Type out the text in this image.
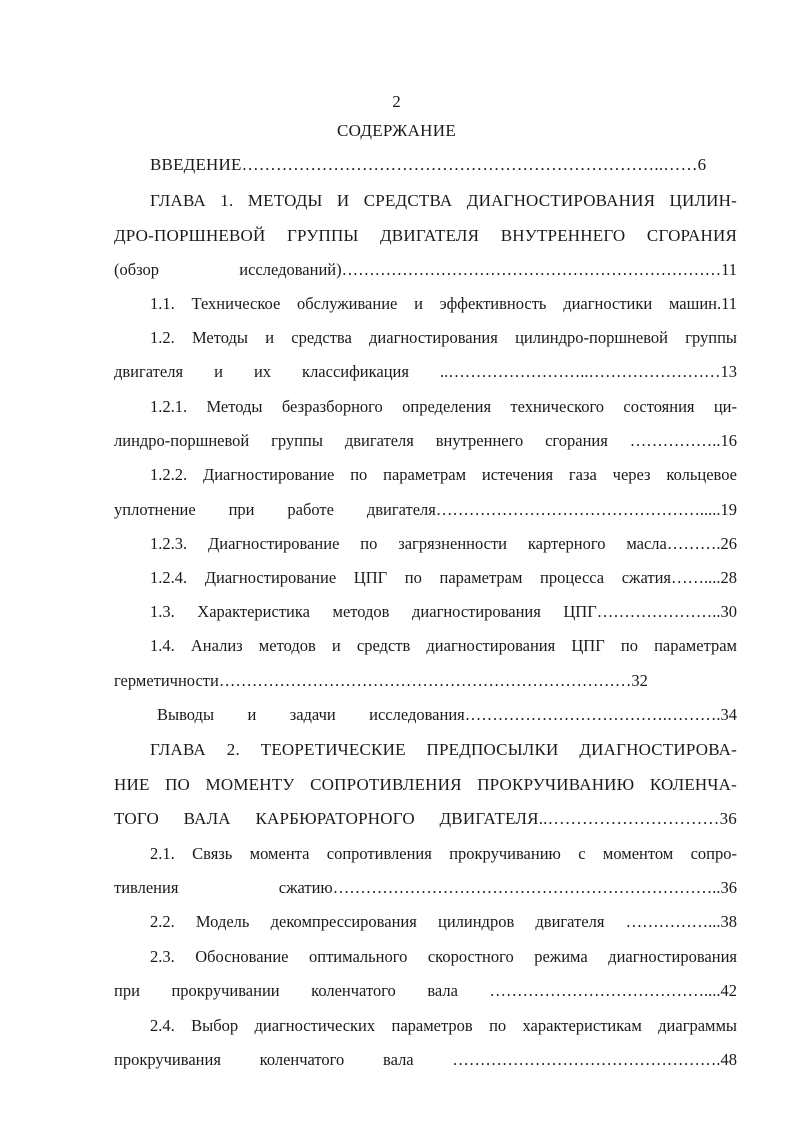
2
СОДЕРЖАНИЕ
ВВЕДЕНИЕ………………………………………………………………..……6
ГЛАВА 1. МЕТОДЫ И СРЕДСТВА ДИАГНОСТИРОВАНИЯ ЦИЛИН-
ДРО-ПОРШНЕВОЙ ГРУППЫ ДВИГАТЕЛЯ ВНУТРЕННЕГО СГОРАНИЯ
(обзор исследований)……………………………………………………………11
1.1. Техническое обслуживание и эффективность диагностики машин.11
1.2. Методы и средства диагностирования цилиндро-поршневой группы
двигателя и их классификация ..……………………..……………………13
1.2.1. Методы безразборного определения технического состояния ци-
линдро-поршневой группы двигателя внутреннего сгорания ……………..16
1.2.2. Диагностирование по параметрам истечения газа через кольцевое
уплотнение при работе двигателя………………………………………….....19
1.2.3. Диагностирование по загрязненности картерного масла……….26
1.2.4. Диагностирование ЦПГ по параметрам процесса сжатия……....28
1.3. Характеристика методов диагностирования ЦПГ…………………..30
1.4. Анализ методов и средств диагностирования ЦПГ по параметрам
герметичности…………………………………………………………………32
Выводы и задачи исследования……………………………….……….34
ГЛАВА 2. ТЕОРЕТИЧЕСКИЕ ПРЕДПОСЫЛКИ ДИАГНОСТИРОВА-
НИЕ ПО МОМЕНТУ СОПРОТИВЛЕНИЯ ПРОКРУЧИВАНИЮ КОЛЕНЧА-
ТОГО ВАЛА КАРБЮРАТОРНОГО ДВИГАТЕЛЯ..…………………………36
2.1. Связь момента сопротивления прокручиванию с моментом сопро-
тивления сжатию……………………………………………………………..36
2.2. Модель декомпрессирования цилиндров двигателя ……………...38
2.3. Обоснование оптимального скоростного режима диагностирования
при прокручивании коленчатого вала …………………………………....42
2.4. Выбор диагностических параметров по характеристикам диаграммы
прокручивания коленчатого вала ………………………………………….48
